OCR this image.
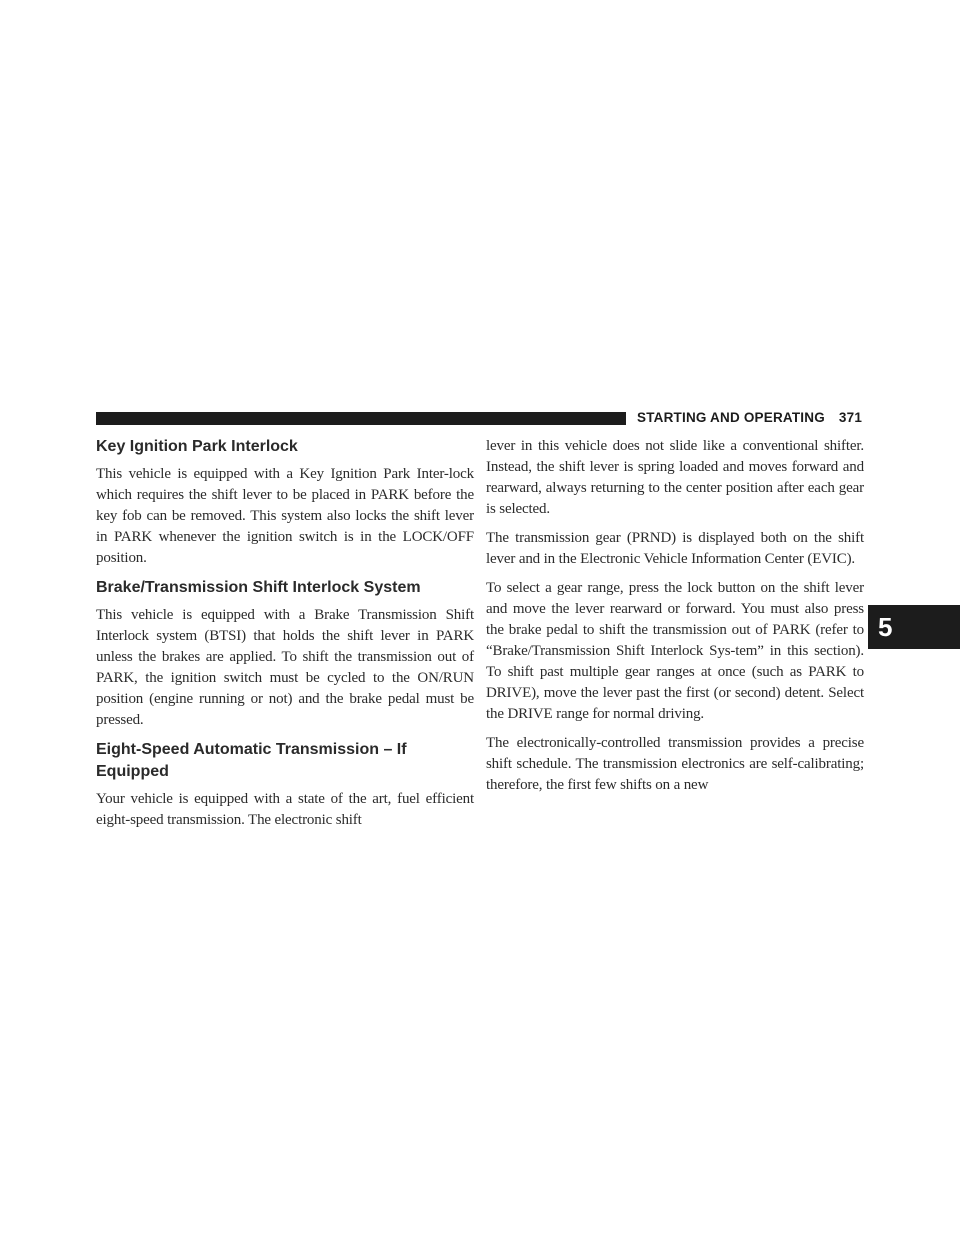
STARTING AND OPERATING 371
Key Ignition Park Interlock

This vehicle is equipped with a Key Ignition Park Inter-lock which requires the shift lever to be placed in PARK before the key fob can be removed. This system also locks the shift lever in PARK whenever the ignition switch is in the LOCK/OFF position.

Brake/Transmission Shift Interlock System

This vehicle is equipped with a Brake Transmission Shift Interlock system (BTSI) that holds the shift lever in PARK unless the brakes are applied. To shift the transmission out of PARK, the ignition switch must be cycled to the ON/RUN position (engine running or not) and the brake pedal must be pressed.

Eight-Speed Automatic Transmission – If Equipped

Your vehicle is equipped with a state of the art, fuel efficient eight-speed transmission. The electronic shift

lever in this vehicle does not slide like a conventional shifter. Instead, the shift lever is spring loaded and moves forward and rearward, always returning to the center position after each gear is selected.

The transmission gear (PRND) is displayed both on the shift lever and in the Electronic Vehicle Information Center (EVIC).

To select a gear range, press the lock button on the shift lever and move the lever rearward or forward. You must also press the brake pedal to shift the transmission out of PARK (refer to “Brake/Transmission Shift Interlock Sys-tem” in this section). To shift past multiple gear ranges at once (such as PARK to DRIVE), move the lever past the first (or second) detent. Select the DRIVE range for normal driving.

The electronically-controlled transmission provides a precise shift schedule. The transmission electronics are self-calibrating; therefore, the first few shifts on a new

5
